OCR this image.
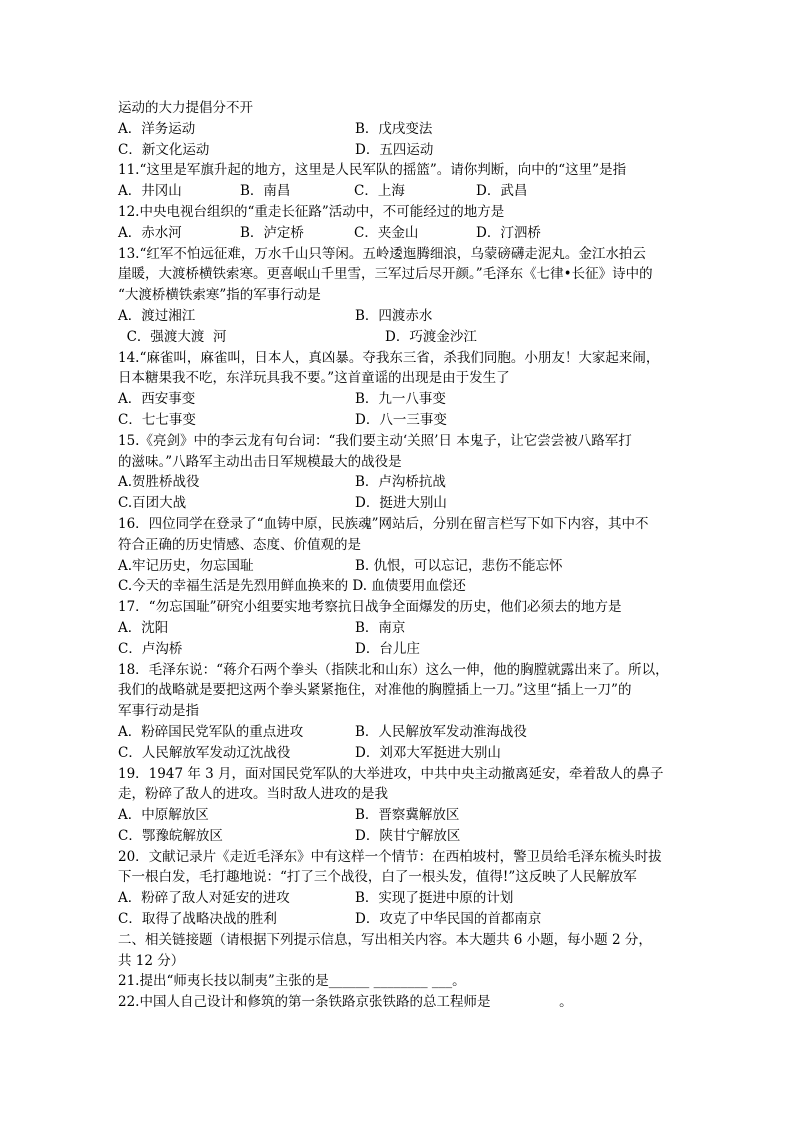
运动的大力提倡分不开
A．洋务运动	B．戊戌变法
C．新文化运动	D．五四运动
11.“这里是军旗升起的地方，这里是人民军队的摇篮”。请你判断，向中的“这里”是指
A．井冈山	B．南昌	C．上海	D．武昌
12.中央电视台组织的“重走长征路”活动中，不可能经过的地方是
A．赤水河	B．泸定桥	C．夹金山	D．汀泗桥
13.“红军不怕远征难，万水千山只等闲。五岭逶迤腾细浪，乌蒙磅礴走泥丸。金江水拍云
崖暖，大渡桥横铁索寒。更喜岷山千里雪，三军过后尽开颜。”毛泽东《七律•长征》诗中的
“大渡桥横铁索寒”指的军事行动是
A．渡过湘江	B．四渡赤水
C．强渡大渡  河	D．巧渡金沙江
14.“麻雀叫，麻雀叫，日本人，真凶暴。夺我东三省，杀我们同胞。小朋友！大家起来闹，
日本糖果我不吃，东洋玩具我不要。”这首童谣的出现是由于发生了
A．西安事变	B．九一八事变
C．七七事变	D．八一三事变
15.《亮剑》中的李云龙有句台词：“我们要主动‘关照’日 本鬼子，让它尝尝被八路军打
的滋味。”八路军主动出击日军规模最大的战役是
A.贺胜桥战役	B．卢沟桥抗战
C.百团大战	D．挺进大别山
16．四位同学在登录了“血铸中原，民族魂”网站后，分别在留言栏写下如下内容，其中不
符合正确的历史情感、态度、价值观的是
A.牢记历史，勿忘国耻	B. 仇恨，可以忘记，悲伤不能忘怀
C.今天的幸福生活是先烈用鲜血换来的 D. 血债要用血偿还
17．“勿忘国耻”研究小组要实地考察抗日战争全面爆发的历史，他们必须去的地方是
A．沈阳	B．南京
C．卢沟桥	D．台儿庄
18．毛泽东说：“蒋介石两个拳头（指陕北和山东）这么一伸，他的胸膛就露出来了。所以，
我们的战略就是要把这两个拳头紧紧拖住，对准他的胸膛插上一刀。”这里“插上一刀”的
军事行动是指
A．粉碎国民党军队的重点进攻	B．人民解放军发动淮海战役
C．人民解放军发动辽沈战役	D．刘邓大军挺进大别山
19．1947 年 3 月，面对国民党军队的大举进攻，中共中央主动撤离延安，牵着敌人的鼻子
走，粉碎了敌人的进攻。当时敌人进攻的是我
A．中原解放区	B．晋察冀解放区
C．鄂豫皖解放区	D．陕甘宁解放区
20．文献记录片《走近毛泽东》中有这样一个情节：在西柏坡村，警卫员给毛泽东梳头时拔
下一根白发，毛打趣地说：“打了三个战役，白了一根头发，值得!”这反映了人民解放军
A．粉碎了敌人对延安的进攻	B．实现了挺进中原的计划
C．取得了战略决战的胜利	D．攻克了中华民国的首都南京
二、相关链接题（请根据下列提示信息，写出相关内容。本大题共 6 小题，每小题 2 分，
共 12 分）
21.提出“师夷长技以制夷”主张的是______ ________ ___。
22.中国人自己设计和修筑的第一条铁路京张铁路的总工程师是                。
